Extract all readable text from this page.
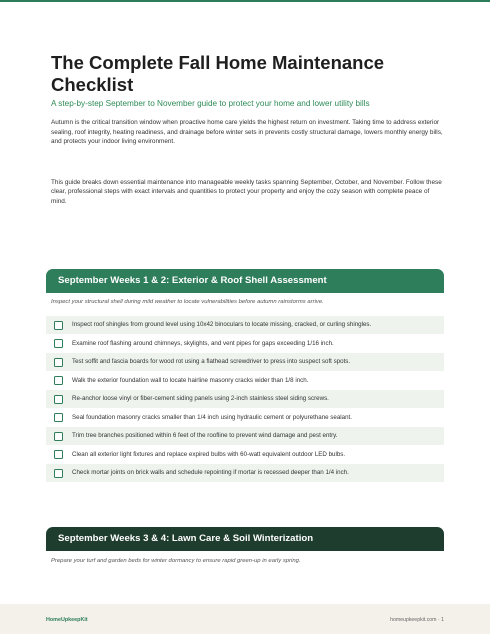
The Complete Fall Home Maintenance Checklist
A step-by-step September to November guide to protect your home and lower utility bills

Autumn is the critical transition window when proactive home care yields the highest return on investment. Taking time to address exterior sealing, roof integrity, heating readiness, and drainage before winter sets in prevents costly structural damage, lowers monthly energy bills, and protects your indoor living environment.

This guide breaks down essential maintenance into manageable weekly tasks spanning September, October, and November. Follow these clear, professional steps with exact intervals and quantities to protect your property and enjoy the cozy season with complete peace of mind.

September Weeks 1 & 2: Exterior & Roof Shell Assessment
Inspect your structural shell during mild weather to locate vulnerabilities before autumn rainstorms arrive.
Inspect roof shingles from ground level using 10x42 binoculars to locate missing, cracked, or curling shingles.
Examine roof flashing around chimneys, skylights, and vent pipes for gaps exceeding 1/16 inch.
Test soffit and fascia boards for wood rot using a flathead screwdriver to press into suspect soft spots.
Walk the exterior foundation wall to locate hairline masonry cracks wider than 1/8 inch.
Re-anchor loose vinyl or fiber-cement siding panels using 2-inch stainless steel siding screws.
Seal foundation masonry cracks smaller than 1/4 inch using hydraulic cement or polyurethane sealant.
Trim tree branches positioned within 6 feet of the roofline to prevent wind damage and pest entry.
Clean all exterior light fixtures and replace expired bulbs with 60-watt equivalent outdoor LED bulbs.
Check mortar joints on brick walls and schedule repointing if mortar is recessed deeper than 1/4 inch.
September Weeks 3 & 4: Lawn Care & Soil Winterization
Prepare your turf and garden beds for winter dormancy to ensure rapid green-up in early spring.
HomeUpkeepKit	homeupkeepkit.com · 1
